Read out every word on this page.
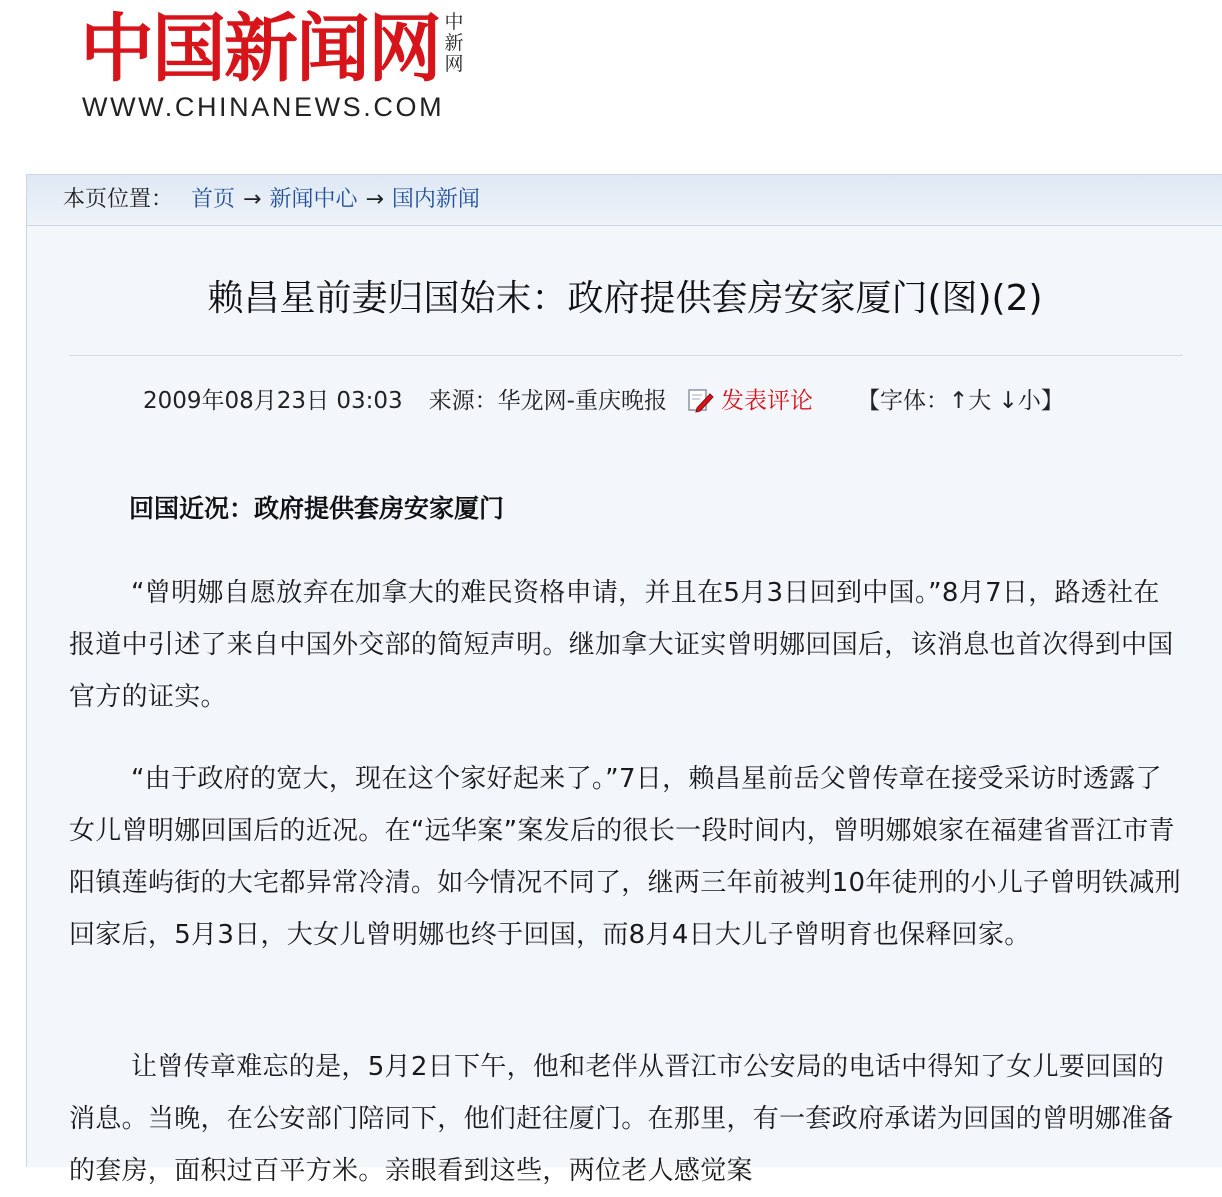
中国新闻网 中
新
网
WWW.CHINANEWS.COM
本页位置： 首页 → 新闻中心 → 国内新闻
赖昌星前妻归国始末：政府提供套房安家厦门(图)(2)
2009年08月23日 03:03 来源：华龙网-重庆晚报 发表评论 【字体：↑大 ↓小】
回国近况：政府提供套房安家厦门

“曾明娜自愿放弃在加拿大的难民资格申请，并且在5月3日回到中国。”8月7日，路透社在报道中引述了来自中国外交部的简短声明。继加拿大证实曾明娜回国后，该消息也首次得到中国官方的证实。

“由于政府的宽大，现在这个家好起来了。”7日，赖昌星前岳父曾传章在接受采访时透露了女儿曾明娜回国后的近况。在“远华案”案发后的很长一段时间内，曾明娜娘家在福建省晋江市青阳镇莲屿街的大宅都异常冷清。如今情况不同了，继两三年前被判10年徒刑的小儿子曾明铁减刑回家后，5月3日，大女儿曾明娜也终于回国，而8月4日大儿子曾明育也保释回家。

让曾传章难忘的是，5月2日下午，他和老伴从晋江市公安局的电话中得知了女儿要回国的消息。当晚，在公安部门陪同下，他们赶往厦门。在那里，有一套政府承诺为回国的曾明娜准备的套房，面积过百平方米。亲眼看到这些，两位老人感觉案
